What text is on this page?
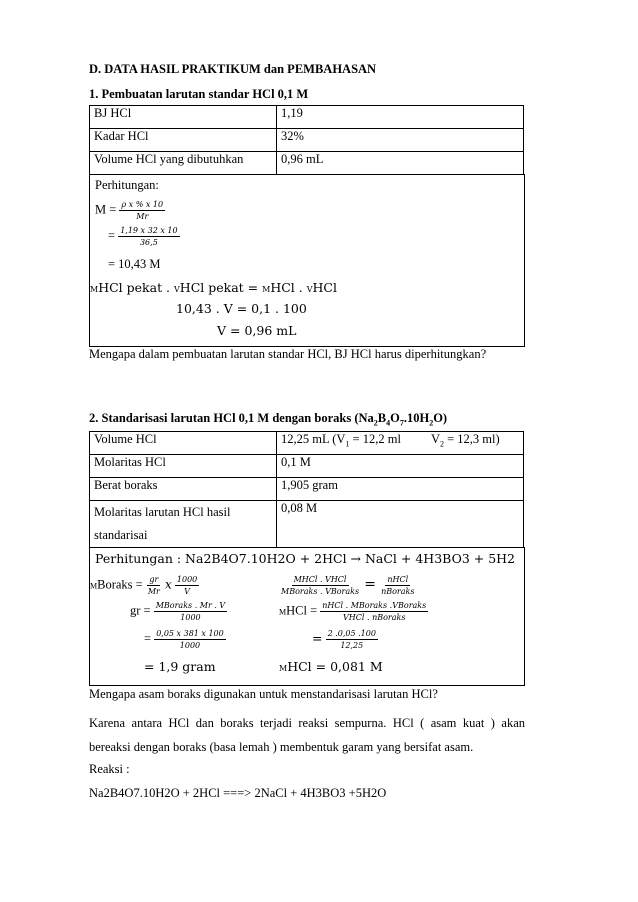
D. DATA HASIL PRAKTIKUM dan PEMBAHASAN
1. Pembuatan larutan standar HCl 0,1 M
BJ HCl	1,19
Kadar HCl	32%
Volume HCl yang dibutuhkan	0,96 mL
Perhitungan:
$M = \frac{\text{ρ x \% x 10}}{Mr}$
= $\frac{1,19 x 32 x 10}{36,5}$
= 10,43 M
MHCl pekat . VHCl pekat = MHCl . VHCl
10,43 . V = 0,1 . 100
V = 0,96 mL
Mengapa dalam pembuatan larutan standar HCl, BJ HCl harus diperhitungkan?
2. Standarisasi larutan HCl 0,1 M dengan boraks $(Na_2B_4O_7.10H_2O)$
Volume HCl	12,25 mL ($V_1 = 12,2$ ml $V_2 = 12,3$ ml)
Molaritas HCl	0,1 M
Berat boraks	1,905 gram
Molaritas larutan HCl hasil standarisai	0,08 M
Perhitungan : Na2B4O7.10H2O + 2HCl → NaCl + 4H3BO3 + 5H2
MBoraks = $\frac{gr}{Mr}$ x $\frac{1000}{V}$
gr = $\frac{\text{MBoraks . Mr . V}}{1000}$
= $\frac{0,05 x 381 x 100}{1000}$
= 1,9 gram
$\frac{\text{MHCl . VHCl}}{\text{MBoraks . VBoraks}} = \frac{\text{nHCl}}{\text{nBoraks}}$
MHCl = $\frac{\text{nHCl . MBoraks .VBoraks}}{\text{VHCl . nBoraks}}$
= $\frac{2 .0,05 .100}{12,25}$
MHCl = 0,081 M
Mengapa asam boraks digunakan untuk menstandarisasi larutan HCl?
Karena antara HCl dan boraks terjadi reaksi sempurna. HCl ( asam kuat ) akan bereaksi dengan boraks (basa lemah ) membentuk garam yang bersifat asam.
Reaksi :
Na2B4O7.10H2O + 2HCl ===> 2NaCl + 4H3BO3 +5H2O
